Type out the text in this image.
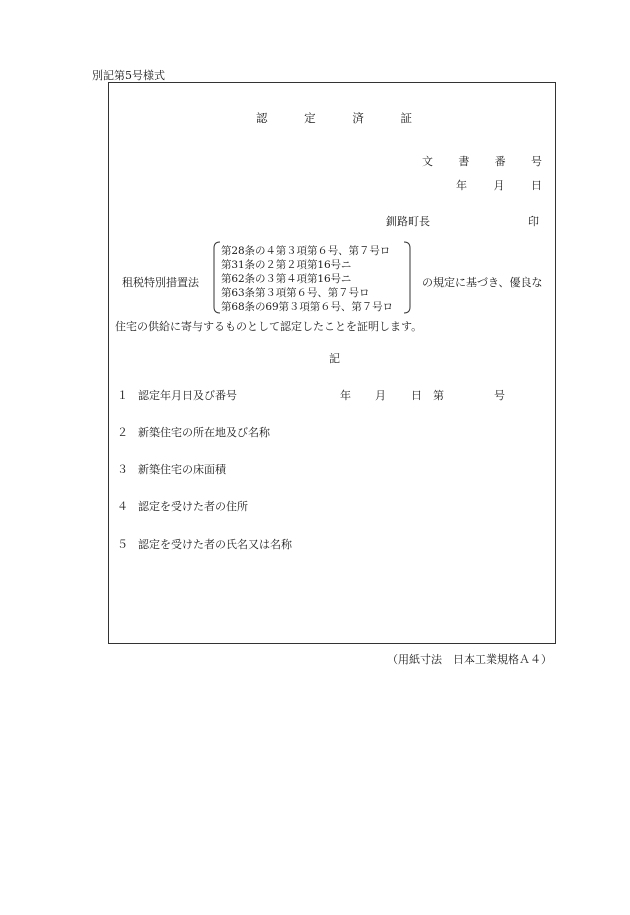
別記第5号様式
認	定	済	証
文 書 番 号
年 月 日
釧路町長	印
租税特別措置法
第28条の４第３項第６号、第７号ロ
第31条の２第２項第16号ニ
第62条の３第４項第16号ニ
第63条第３項第６号、第７号ロ
第68条の69第３項第６号、第７号ロ
の規定に基づき、優良な
住宅の供給に寄与するものとして認定したことを証明します。
記
１ 認定年月日及び番号	年 月 日 第	号
２ 新築住宅の所在地及び名称
３ 新築住宅の床面積
４ 認定を受けた者の住所
５ 認定を受けた者の氏名又は名称
（用紙寸法　日本工業規格Ａ４）
